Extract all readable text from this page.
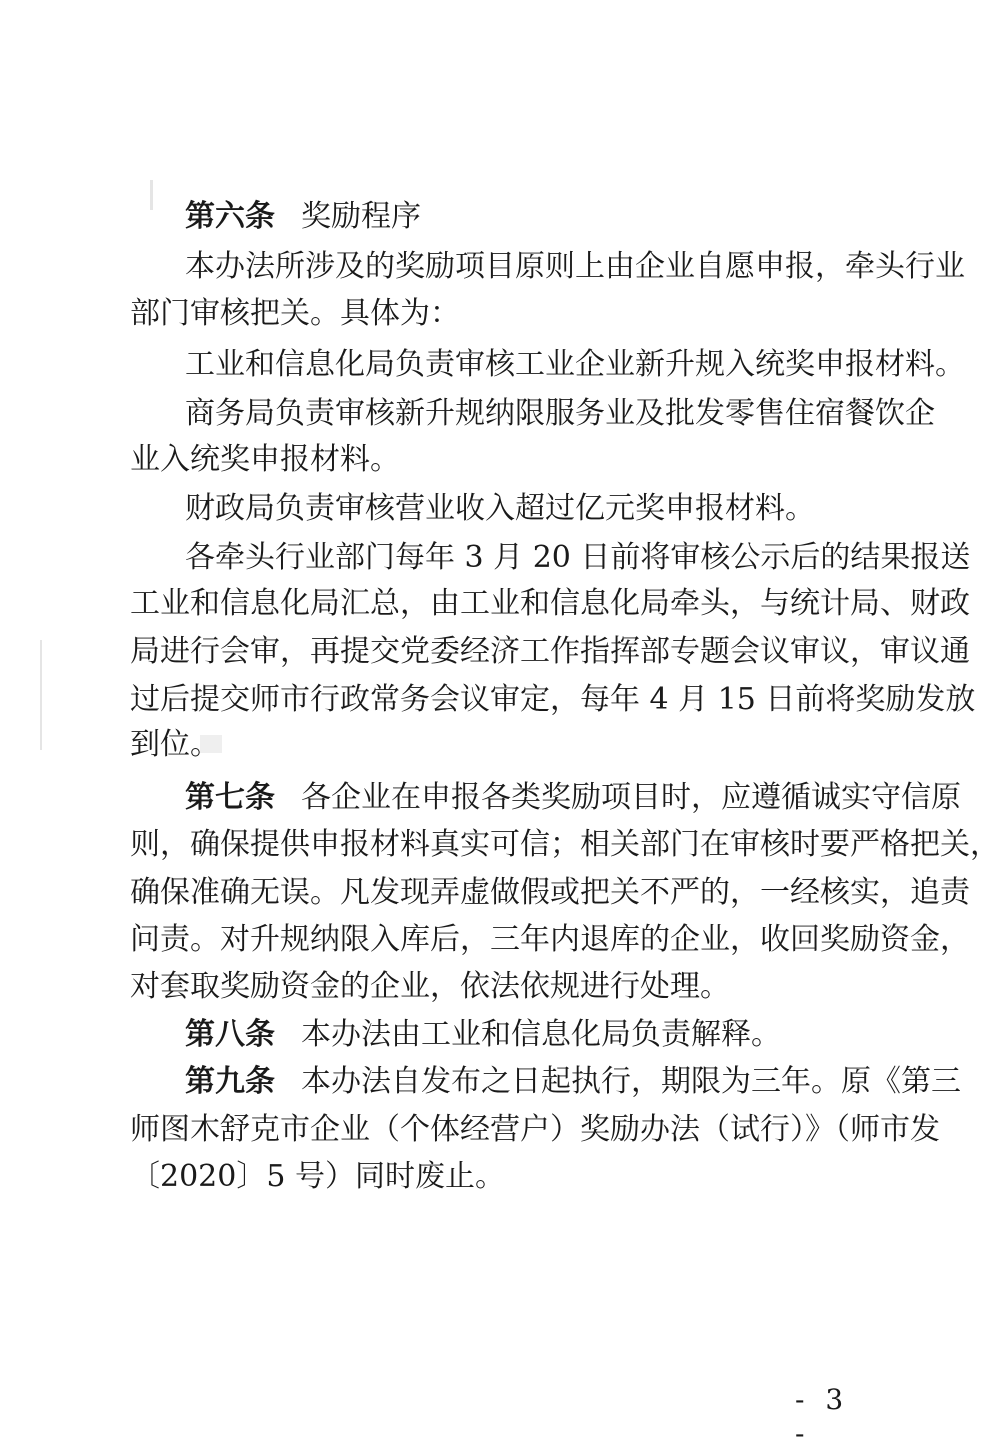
第六条 奖励程序
本办法所涉及的奖励项目原则上由企业自愿申报，牵头行业
部门审核把关。具体为：
工业和信息化局负责审核工业企业新升规入统奖申报材料。
商务局负责审核新升规纳限服务业及批发零售住宿餐饮企
业入统奖申报材料。
财政局负责审核营业收入超过亿元奖申报材料。
各牵头行业部门每年 3 月 20 日前将审核公示后的结果报送
工业和信息化局汇总，由工业和信息化局牵头，与统计局、财政
局进行会审，再提交党委经济工作指挥部专题会议审议，审议通
过后提交师市行政常务会议审定，每年 4 月 15 日前将奖励发放
到位。
第七条 各企业在申报各类奖励项目时，应遵循诚实守信原
则，确保提供申报材料真实可信；相关部门在审核时要严格把关，
确保准确无误。凡发现弄虚做假或把关不严的，一经核实，追责
问责。对升规纳限入库后，三年内退库的企业，收回奖励资金，
对套取奖励资金的企业，依法依规进行处理。
第八条 本办法由工业和信息化局负责解释。
第九条 本办法自发布之日起执行，期限为三年。原《第三
师图木舒克市企业（个体经营户）奖励办法（试行）》（师市发
〔2020〕5 号）同时废止。
- 3 -
